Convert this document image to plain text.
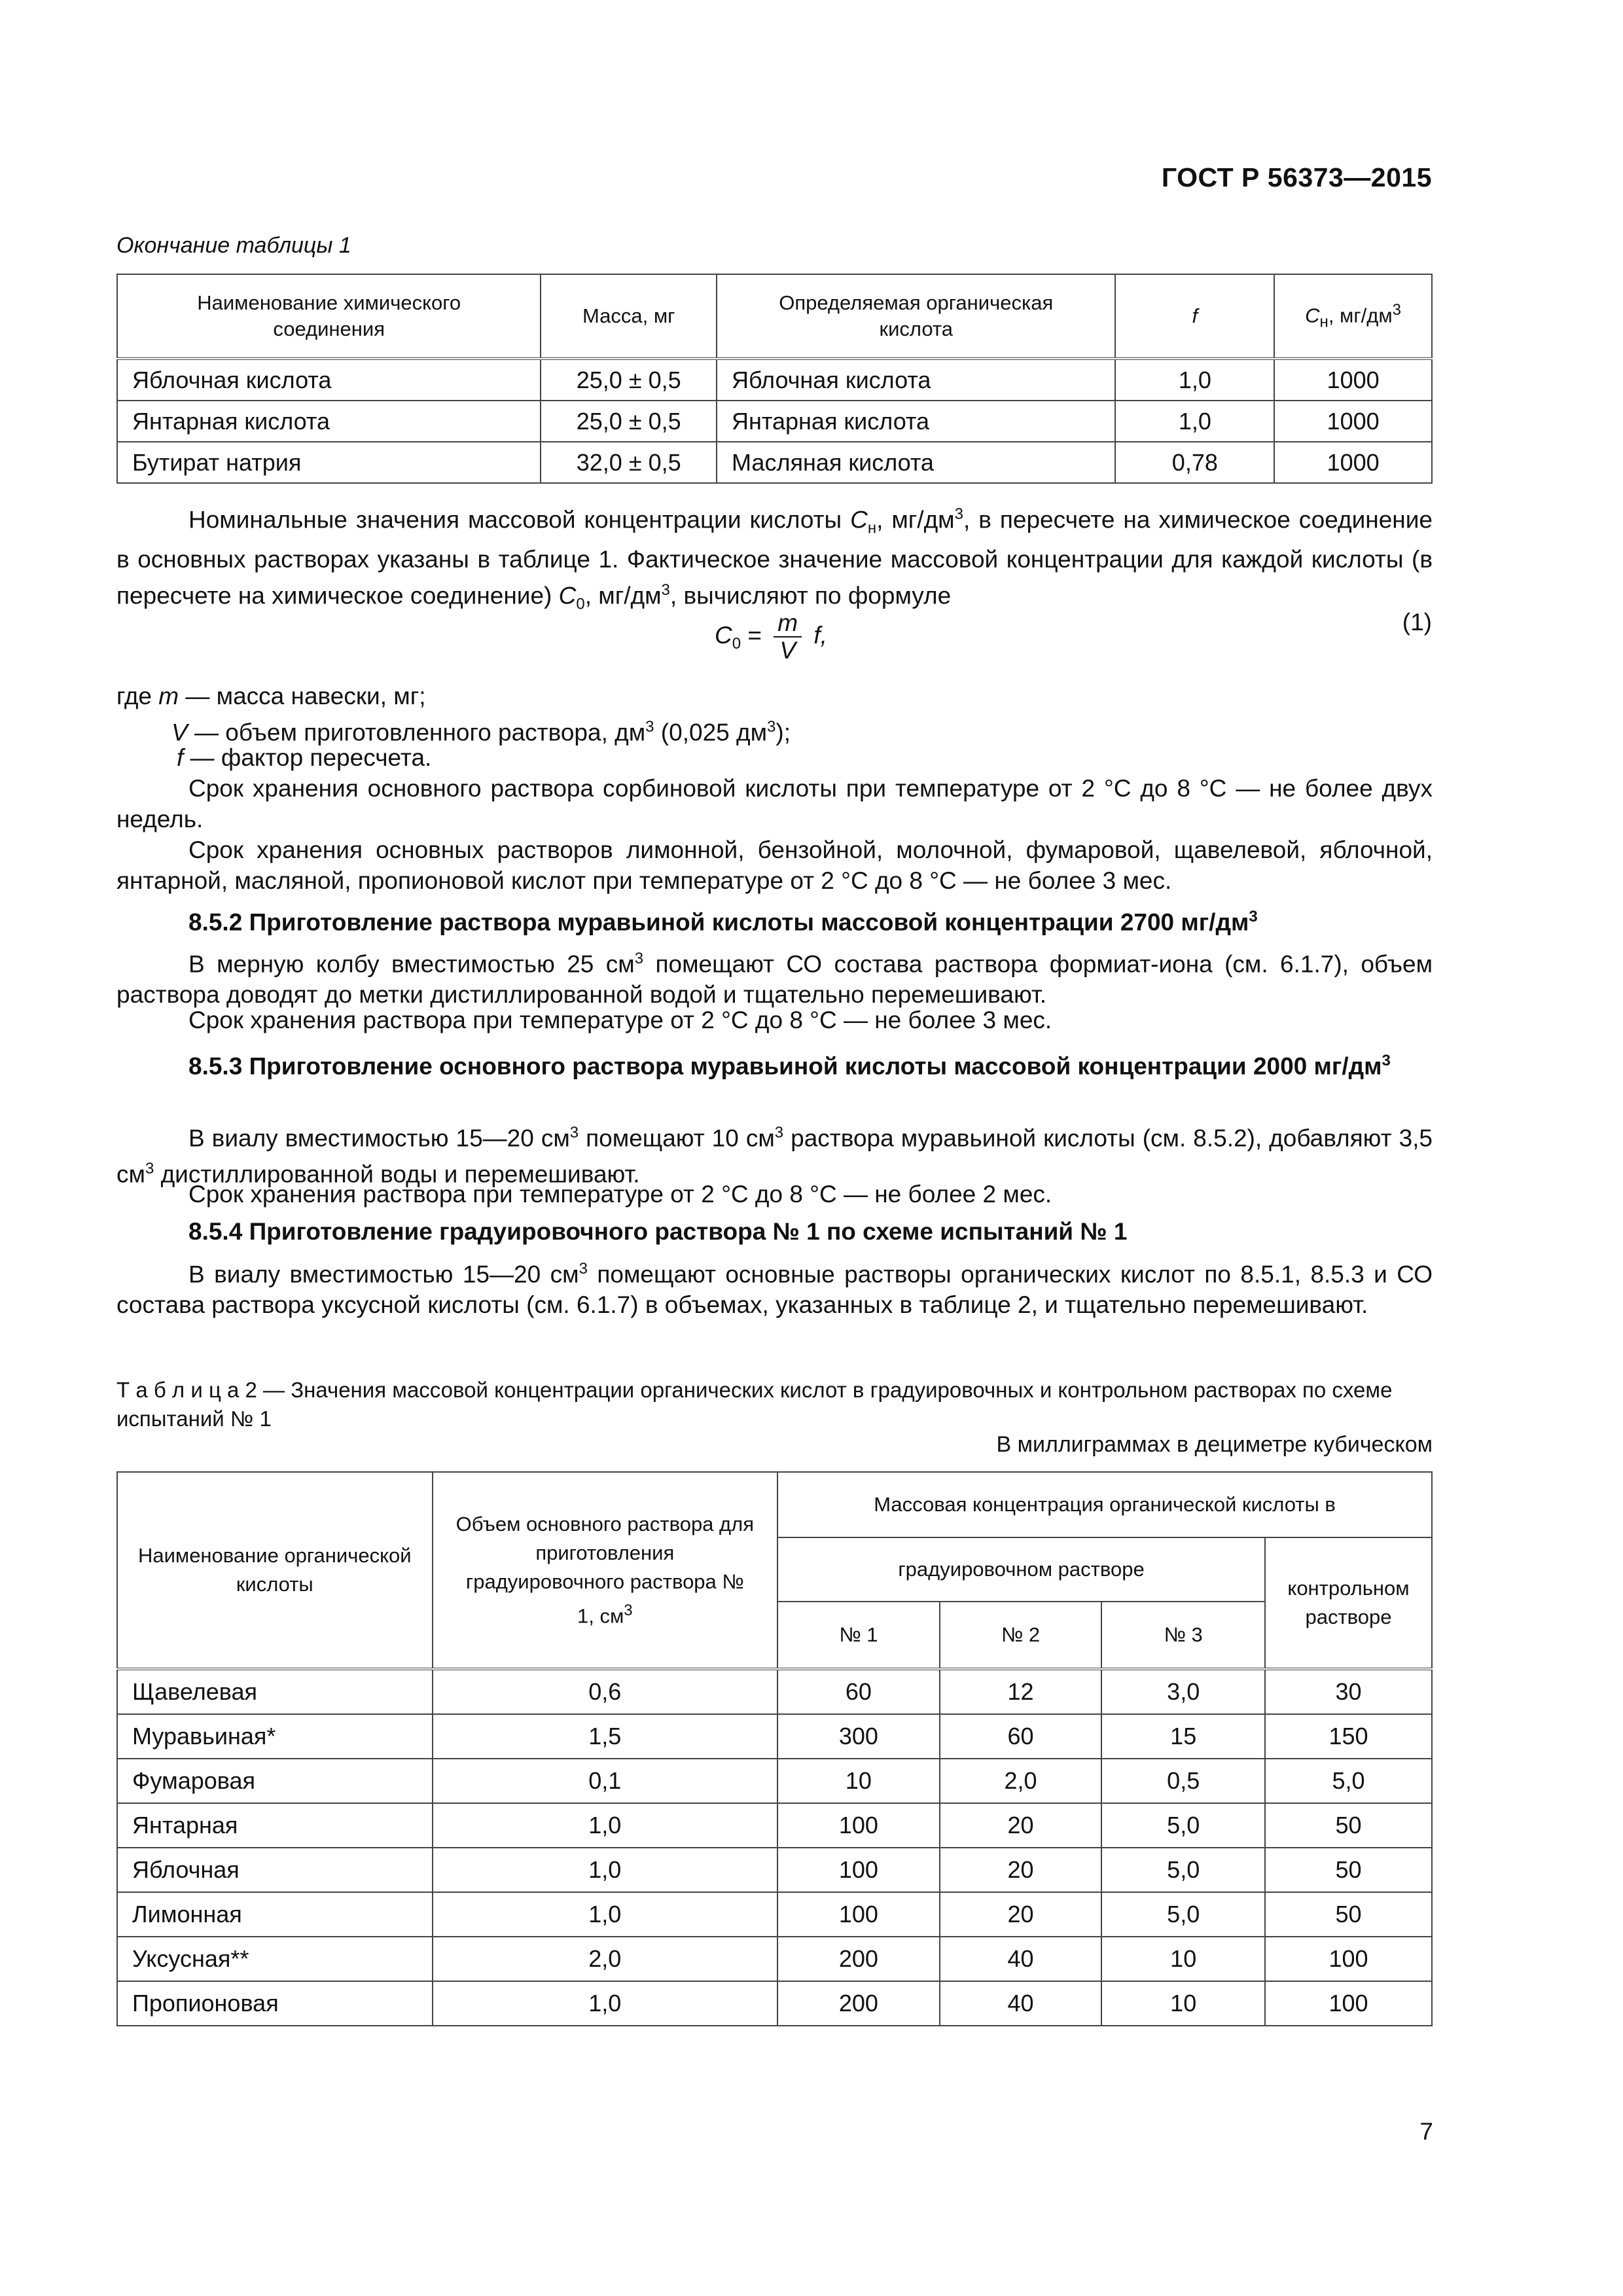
ГОСТ Р 56373—2015
Окончание таблицы 1
Наименование химического соединения	Масса, мг	Определяемая органическая кислота	f	$С_н$, $мг/дм^3$
Яблочная кислота	25,0 ± 0,5	Яблочная кислота	1,0	1000
Янтарная кислота	25,0 ± 0,5	Янтарная кислота	1,0	1000
Бутират натрия	32,0 ± 0,5	Масляная кислота	0,78	1000
Номинальные значения массовой концентрации кислоты $С_н$, $мг/дм^3$, в пересчете на химическое соединение в основных растворах указаны в таблице 1. Фактическое значение массовой концентрации для каждой кислоты (в пересчете на химическое соединение) $С_0$, $мг/дм^3$, вычисляют по формуле
$С_0 = \frac{m}{V} f$,	(1)
где m — масса навески, мг;
V — объем приготовленного раствора, $дм^3$ (0,025 $дм^3$);
f — фактор пересчета.
Срок хранения основного раствора сорбиновой кислоты при температуре от 2 °С до 8 °С — не более двух недель.
Срок хранения основных растворов лимонной, бензойной, молочной, фумаровой, щавелевой, яблочной, янтарной, масляной, пропионовой кислот при температуре от 2 °С до 8 °С — не более 3 мес.
8.5.2 Приготовление раствора муравьиной кислоты массовой концентрации 2700 $мг/дм^3$
В мерную колбу вместимостью 25 $см^3$ помещают СО состава раствора формиат-иона (см. 6.1.7), объем раствора доводят до метки дистиллированной водой и тщательно перемешивают.
Срок хранения раствора при температуре от 2 °С до 8 °С — не более 3 мес.
8.5.3 Приготовление основного раствора муравьиной кислоты массовой концентрации 2000 $мг/дм^3$
В виалу вместимостью 15—20 $см^3$ помещают 10 $см^3$ раствора муравьиной кислоты (см. 8.5.2), добавляют 3,5 $см^3$ дистиллированной воды и перемешивают.
Срок хранения раствора при температуре от 2 °С до 8 °С — не более 2 мес.
8.5.4 Приготовление градуировочного раствора № 1 по схеме испытаний № 1
В виалу вместимостью 15—20 $см^3$ помещают основные растворы органических кислот по 8.5.1, 8.5.3 и СО состава раствора уксусной кислоты (см. 6.1.7) в объемах, указанных в таблице 2, и тщательно перемешивают.
Т а б л и ц а 2 — Значения массовой концентрации органических кислот в градуировочных и контрольном растворах по схеме испытаний № 1
В миллиграммах в дециметре кубическом
Наименование органической кислоты	Объем основного раствора для приготовления градуировочного раствора № 1, $см^3$	Массовая концентрация органической кислоты в			
		градуировочном растворе			контрольном растворе
		№ 1	№ 2	№ 3	
Щавелевая	0,6	60	12	3,0	30
Муравьиная*	1,5	300	60	15	150
Фумаровая	0,1	10	2,0	0,5	5,0
Янтарная	1,0	100	20	5,0	50
Яблочная	1,0	100	20	5,0	50
Лимонная	1,0	100	20	5,0	50
Уксусная**	2,0	200	40	10	100
Пропионовая	1,0	200	40	10	100
7
